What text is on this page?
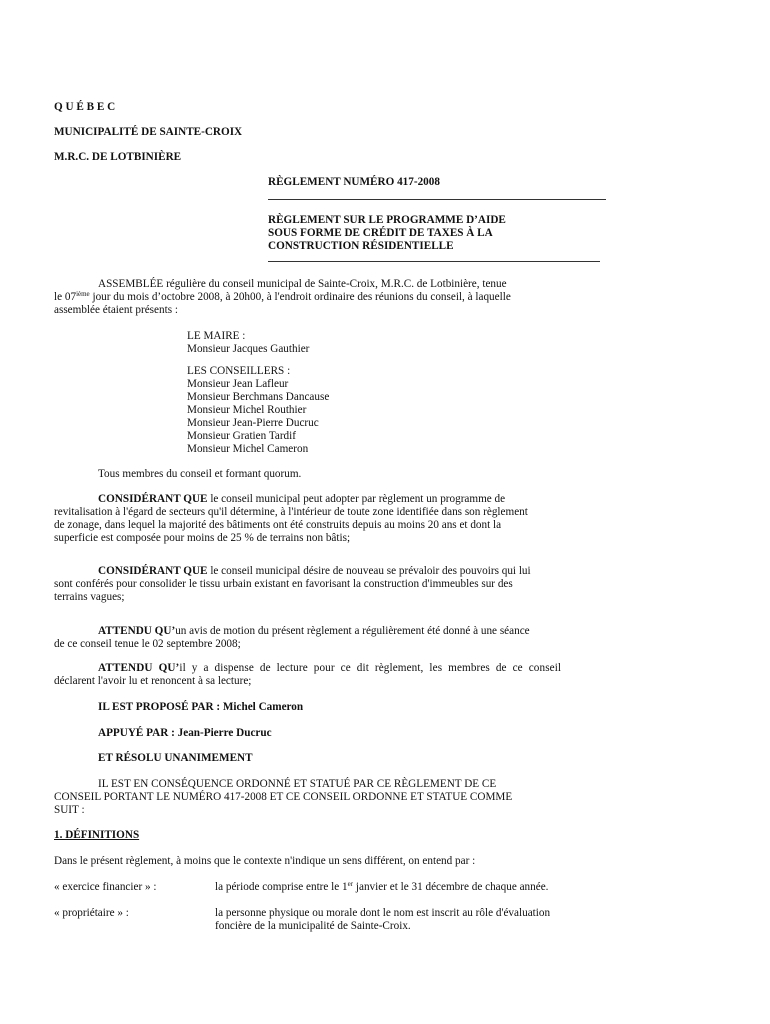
Q U É B E C
MUNICIPALITÉ DE SAINTE-CROIX
M.R.C. DE LOTBINIÈRE
RÈGLEMENT NUMÉRO 417-2008
RÈGLEMENT SUR LE PROGRAMME D’AIDE
SOUS FORME DE CRÉDIT DE TAXES À LA
CONSTRUCTION RÉSIDENTIELLE
ASSEMBLÉE régulière du conseil municipal de Sainte-Croix, M.R.C. de Lotbinière, tenue
le 07ième jour du mois d’octobre 2008, à 20h00, à l'endroit ordinaire des réunions du conseil, à laquelle
assemblée étaient présents :
LE MAIRE :
Monsieur Jacques Gauthier
LES CONSEILLERS :
Monsieur Jean Lafleur
Monsieur Berchmans Dancause
Monsieur Michel Routhier
Monsieur Jean-Pierre Ducruc
Monsieur Gratien Tardif
Monsieur Michel Cameron
Tous membres du conseil et formant quorum.
CONSIDÉRANT QUE le conseil municipal peut adopter par règlement un programme de
revitalisation à l'égard de secteurs qu'il détermine, à l'intérieur de toute zone identifiée dans son règlement
de zonage, dans lequel la majorité des bâtiments ont été construits depuis au moins 20 ans et dont la
superficie est composée pour moins de 25 % de terrains non bâtis;
CONSIDÉRANT QUE le conseil municipal désire de nouveau se prévaloir des pouvoirs qui lui
sont conférés pour consolider le tissu urbain existant en favorisant la construction d'immeubles sur des
terrains vagues;
ATTENDU QU’un avis de motion du présent règlement a régulièrement été donné à une séance
de ce conseil tenue le 02 septembre 2008;
ATTENDU QU’il y a dispense de lecture pour ce dit règlement, les membres de ce conseil
déclarent l'avoir lu et renoncent à sa lecture;
IL EST PROPOSÉ PAR : Michel Cameron
APPUYÉ PAR : Jean-Pierre Ducruc
ET RÉSOLU UNANIMEMENT
IL EST EN CONSÉQUENCE ORDONNÉ ET STATUÉ PAR CE RÈGLEMENT DE CE
CONSEIL PORTANT LE NUMÉRO 417-2008 ET CE CONSEIL ORDONNE ET STATUE COMME
SUIT :
1. DÉFINITIONS
Dans le présent règlement, à moins que le contexte n'indique un sens différent, on entend par :
« exercice financier » :	la période comprise entre le 1er janvier et le 31 décembre de chaque année.
« propriétaire » :	la personne physique ou morale dont le nom est inscrit au rôle d'évaluation
foncière de la municipalité de Sainte-Croix.
